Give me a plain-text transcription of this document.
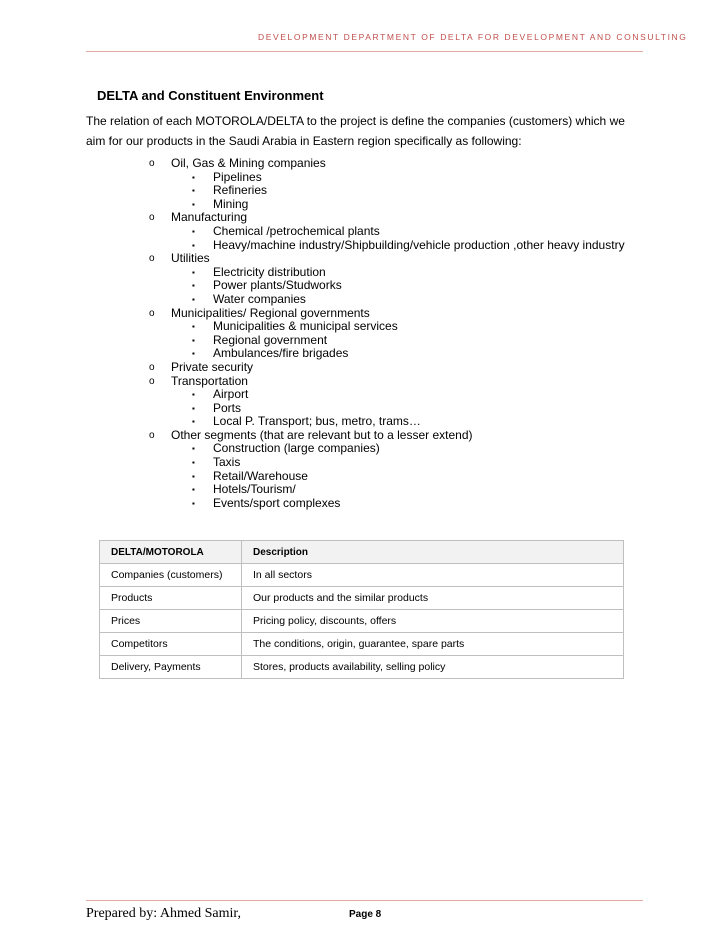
DEVELOPMENT DEPARTMENT OF DELTA FOR DEVELOPMENT AND CONSULTING
DELTA and Constituent Environment
The relation of each MOTOROLA/DELTA to the project is define the companies (customers) which we aim for our products in the Saudi Arabia in Eastern region specifically as following:
o Oil, Gas & Mining companies
▪ Pipelines
▪ Refineries
▪ Mining
o Manufacturing
▪ Chemical /petrochemical plants
▪ Heavy/machine industry/Shipbuilding/vehicle production ,other heavy industry
o Utilities
▪ Electricity distribution
▪ Power plants/Studworks
▪ Water companies
o Municipalities/ Regional governments
▪ Municipalities & municipal services
▪ Regional government
▪ Ambulances/fire brigades
o Private security
o Transportation
▪ Airport
▪ Ports
▪ Local P. Transport; bus, metro, trams…
o Other segments (that are relevant but to a lesser extend)
▪ Construction (large companies)
▪ Taxis
▪ Retail/Warehouse
▪ Hotels/Tourism/
▪ Events/sport complexes
DELTA/MOTOROLA	Description
Companies (customers)	In all sectors
Products	Our products and the similar products
Prices	Pricing policy, discounts, offers
Competitors	The conditions, origin, guarantee, spare parts
Delivery, Payments	Stores, products availability, selling policy
Prepared by: Ahmed Samir,	Page 8
